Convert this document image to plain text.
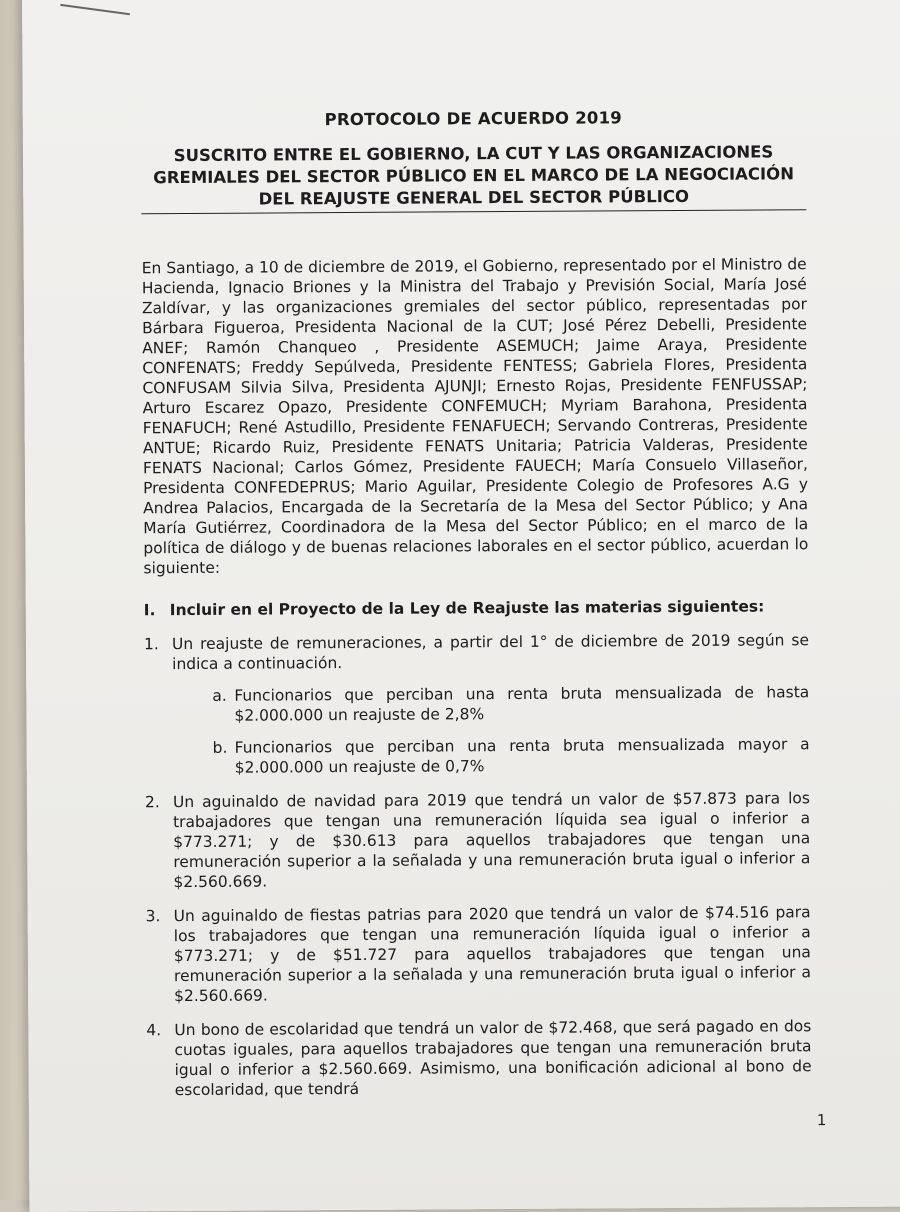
PROTOCOLO DE ACUERDO 2019
SUSCRITO ENTRE EL GOBIERNO, LA CUT Y LAS ORGANIZACIONES GREMIALES DEL SECTOR PÚBLICO EN EL MARCO DE LA NEGOCIACIÓN DEL REAJUSTE GENERAL DEL SECTOR PÚBLICO
En Santiago, a 10 de diciembre de 2019, el Gobierno, representado por el Ministro de Hacienda, Ignacio Briones y la Ministra del Trabajo y Previsión Social, María José Zaldívar, y las organizaciones gremiales del sector público, representadas por Bárbara Figueroa, Presidenta Nacional de la CUT; José Pérez Debelli, Presidente ANEF; Ramón Chanqueo , Presidente ASEMUCH; Jaime Araya, Presidente CONFENATS; Freddy Sepúlveda, Presidente FENTESS; Gabriela Flores, Presidenta CONFUSAM Silvia Silva, Presidenta AJUNJI; Ernesto Rojas, Presidente FENFUSSAP; Arturo Escarez Opazo, Presidente CONFEMUCH; Myriam Barahona, Presidenta FENAFUCH; René Astudillo, Presidente FENAFUECH; Servando Contreras, Presidente ANTUE; Ricardo Ruiz, Presidente FENATS Unitaria; Patricia Valderas, Presidente FENATS Nacional; Carlos Gómez, Presidente FAUECH; María Consuelo Villaseñor, Presidenta CONFEDEPRUS; Mario Aguilar, Presidente Colegio de Profesores A.G y Andrea Palacios, Encargada de la Secretaría de la Mesa del Sector Público; y Ana María Gutiérrez, Coordinadora de la Mesa del Sector Público; en el marco de la política de diálogo y de buenas relaciones laborales en el sector público, acuerdan lo siguiente:
I. Incluir en el Proyecto de la Ley de Reajuste las materias siguientes:
1. Un reajuste de remuneraciones, a partir del 1° de diciembre de 2019 según se indica a continuación.
a. Funcionarios que perciban una renta bruta mensualizada de hasta $2.000.000 un reajuste de 2,8%
b. Funcionarios que perciban una renta bruta mensualizada mayor a $2.000.000 un reajuste de 0,7%
2. Un aguinaldo de navidad para 2019 que tendrá un valor de $57.873 para los trabajadores que tengan una remuneración líquida sea igual o inferior a $773.271; y de $30.613 para aquellos trabajadores que tengan una remuneración superior a la señalada y una remuneración bruta igual o inferior a $2.560.669.
3. Un aguinaldo de fiestas patrias para 2020 que tendrá un valor de $74.516 para los trabajadores que tengan una remuneración líquida igual o inferior a $773.271; y de $51.727 para aquellos trabajadores que tengan una remuneración superior a la señalada y una remuneración bruta igual o inferior a $2.560.669.
4. Un bono de escolaridad que tendrá un valor de $72.468, que será pagado en dos cuotas iguales, para aquellos trabajadores que tengan una remuneración bruta igual o inferior a $2.560.669. Asimismo, una bonificación adicional al bono de escolaridad, que tendrá
1
